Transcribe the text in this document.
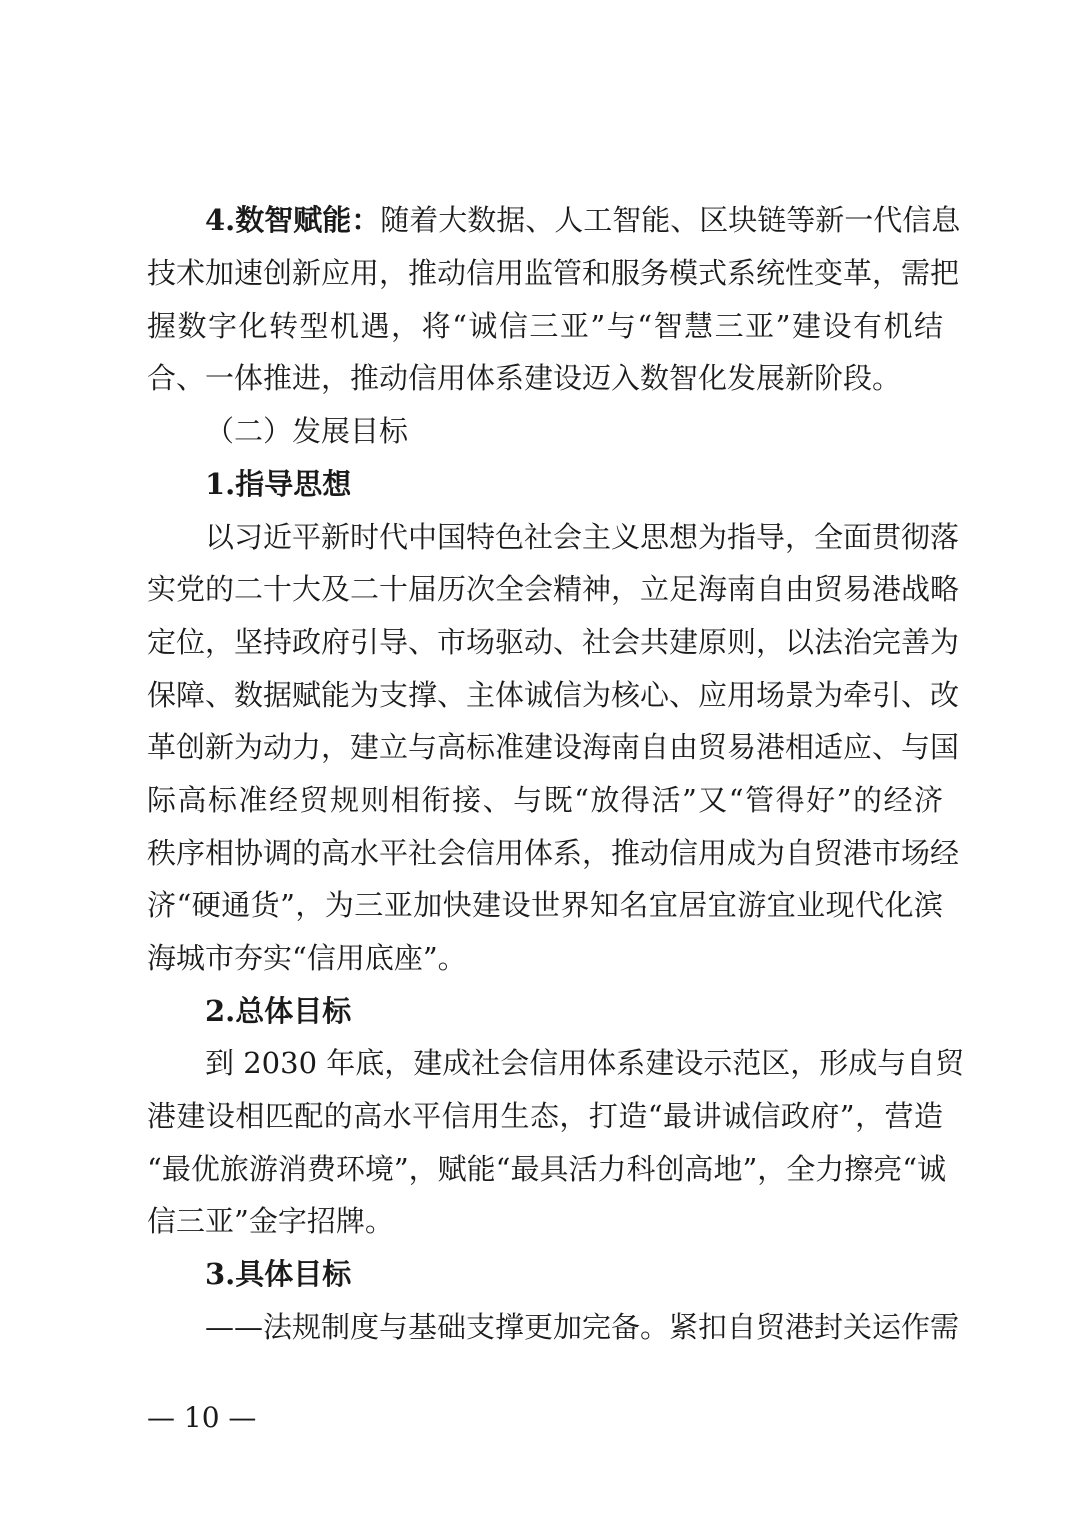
4.数智赋能：随着大数据、人工智能、区块链等新一代信息
技术加速创新应用，推动信用监管和服务模式系统性变革，需把
握数字化转型机遇，将“诚信三亚”与“智慧三亚”建设有机结
合、一体推进，推动信用体系建设迈入数智化发展新阶段。
（二）发展目标
1.指导思想
以习近平新时代中国特色社会主义思想为指导，全面贯彻落
实党的二十大及二十届历次全会精神，立足海南自由贸易港战略
定位，坚持政府引导、市场驱动、社会共建原则，以法治完善为
保障、数据赋能为支撑、主体诚信为核心、应用场景为牵引、改
革创新为动力，建立与高标准建设海南自由贸易港相适应、与国
际高标准经贸规则相衔接、与既“放得活”又“管得好”的经济
秩序相协调的高水平社会信用体系，推动信用成为自贸港市场经
济“硬通货”，为三亚加快建设世界知名宜居宜游宜业现代化滨
海城市夯实“信用底座”。
2.总体目标
到 2030 年底，建成社会信用体系建设示范区，形成与自贸
港建设相匹配的高水平信用生态，打造“最讲诚信政府”，营造
“最优旅游消费环境”，赋能“最具活力科创高地”，全力擦亮“诚
信三亚”金字招牌。
3.具体目标
——法规制度与基础支撑更加完备。紧扣自贸港封关运作需
— 10 —
